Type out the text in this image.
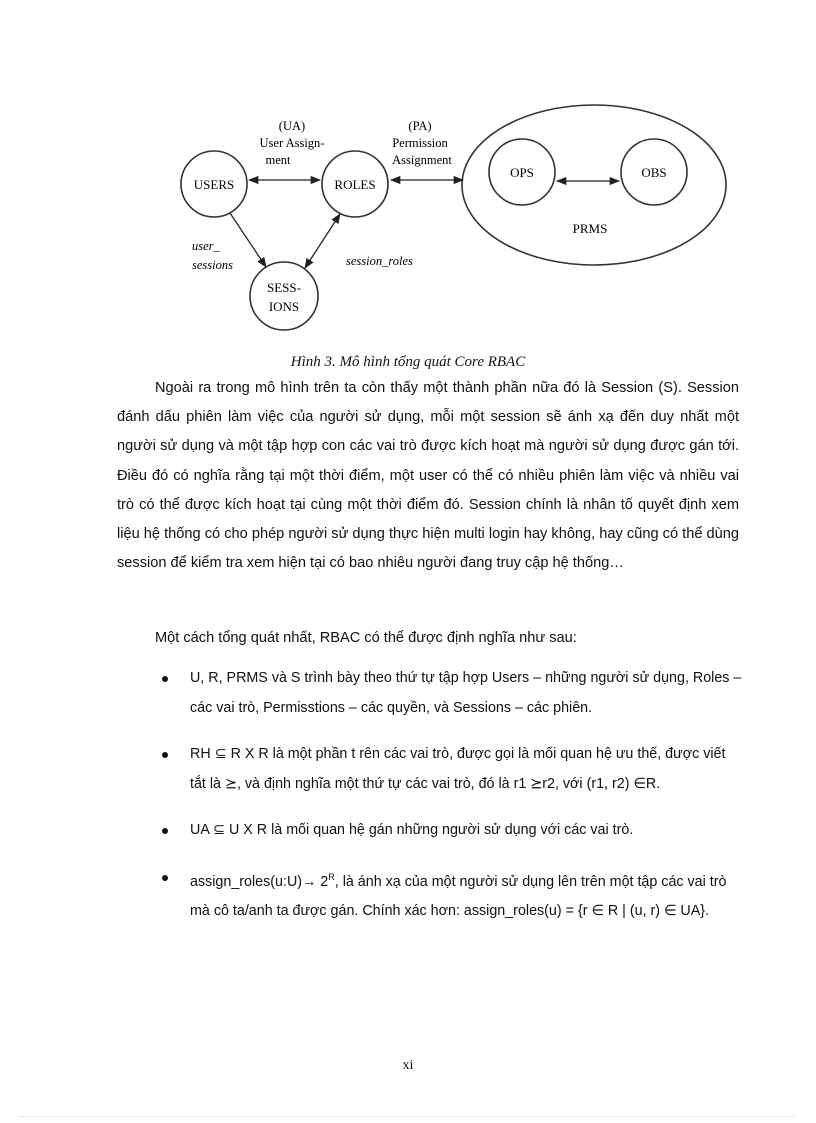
USERS	ROLES
SESS-
IONS
OPS	OBS
PRMS
(UA)
User Assign-
ment
(PA)
Permission
Assignment
user_
sessions	session_roles
Hình 3. Mô hình tổng quát Core RBAC

Ngoài ra trong mô hình trên ta còn thấy một thành phần nữa đó là Session (S). Session đánh dấu phiên làm việc của người sử dụng, mỗi một session sẽ ánh xạ đến duy nhất một người sử dụng và một tập hợp con các vai trò được kích hoạt mà người sử dụng được gán tới. Điều đó có nghĩa rằng tại một thời điểm, một user có thể có nhiều phiên làm việc và nhiều vai trò có thể được kích hoạt tại cùng một thời điểm đó. Session chính là nhân tố quyết định xem liệu hệ thống có cho phép người sử dụng thực hiện multi login hay không, hay cũng có thể dùng session để kiểm tra xem hiện tại có bao nhiêu người đang truy cập hệ thống…

Một cách tổng quát nhất, RBAC có thể được định nghĩa như sau:

U, R, PRMS và S trình bày theo thứ tự tập hợp Users – những người sử dụng, Roles – các vai trò, Permisstions – các quyền, và Sessions – các phiên.
RH ⊆ R X R là một phần t rên các vai trò, được gọi là mối quan hệ ưu thế, được viết tắt là ⪰, và định nghĩa một thứ tự các vai trò, đó là r1 ⪰r2, với (r1, r2) ∈R.
UA ⊆ U X R là mối quan hệ gán những người sử dụng với các vai trò.
assign_roles(u:U)→ $2^R$, là ánh xạ của một người sử dụng lên trên một tập các vai trò mà cô ta/anh ta được gán. Chính xác hơn: assign_roles(u) = {r ∈ R | (u, r) ∈ UA}.
xi
